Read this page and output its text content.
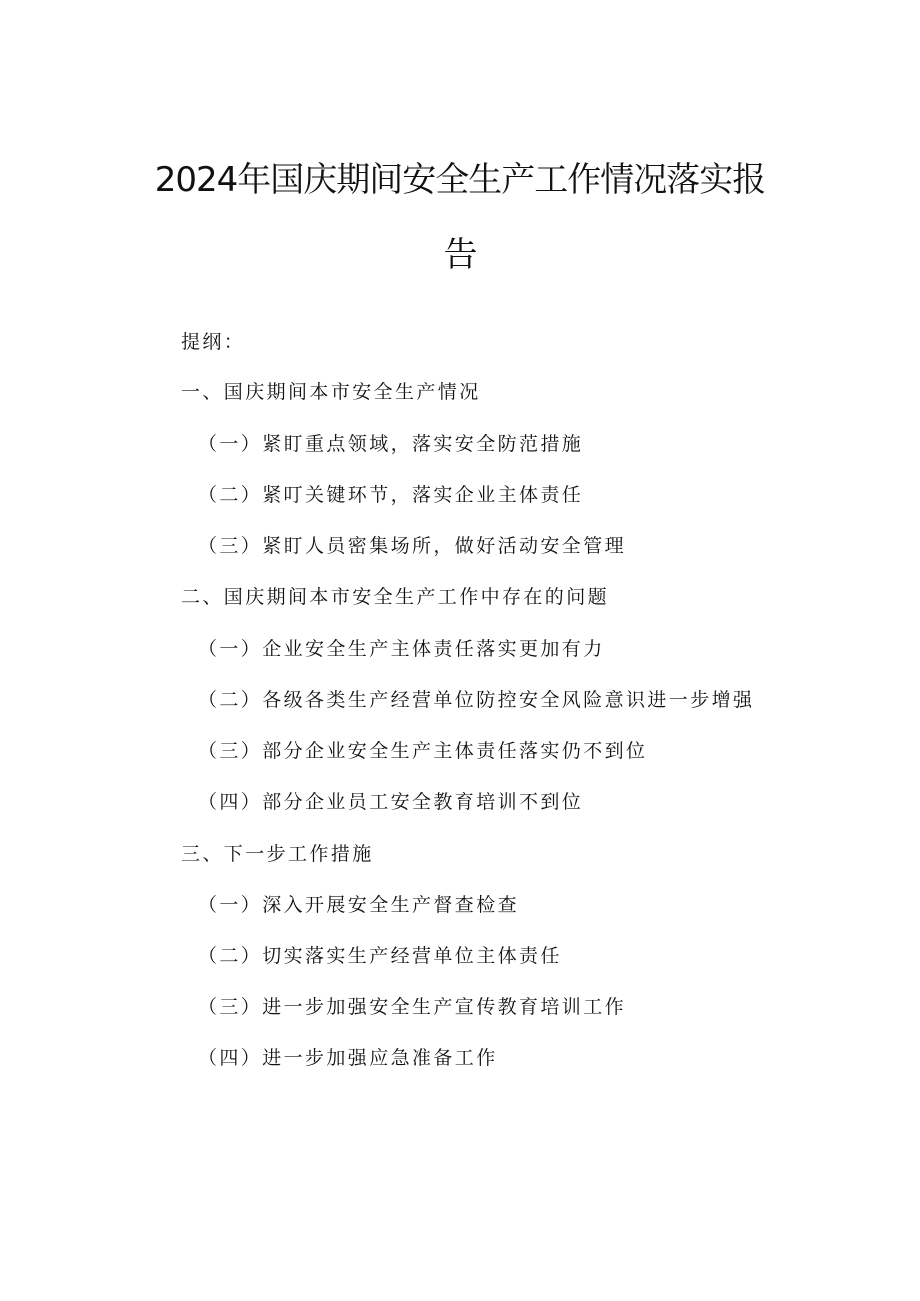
2024年国庆期间安全生产工作情况落实报
告
提纲：
一、国庆期间本市安全生产情况
（一）紧盯重点领域，落实安全防范措施
（二）紧叮关键环节，落实企业主体责任
（三）紧盯人员密集场所，做好活动安全管理
二、国庆期间本市安全生产工作中存在的问题
（一）企业安全生产主体责任落实更加有力
（二）各级各类生产经营单位防控安全风险意识进一步增强
（三）部分企业安全生产主体责任落实仍不到位
（四）部分企业员工安全教育培训不到位
三、下一步工作措施
（一）深入开展安全生产督查检查
（二）切实落实生产经营单位主体责任
（三）进一步加强安全生产宣传教育培训工作
（四）进一步加强应急准备工作
